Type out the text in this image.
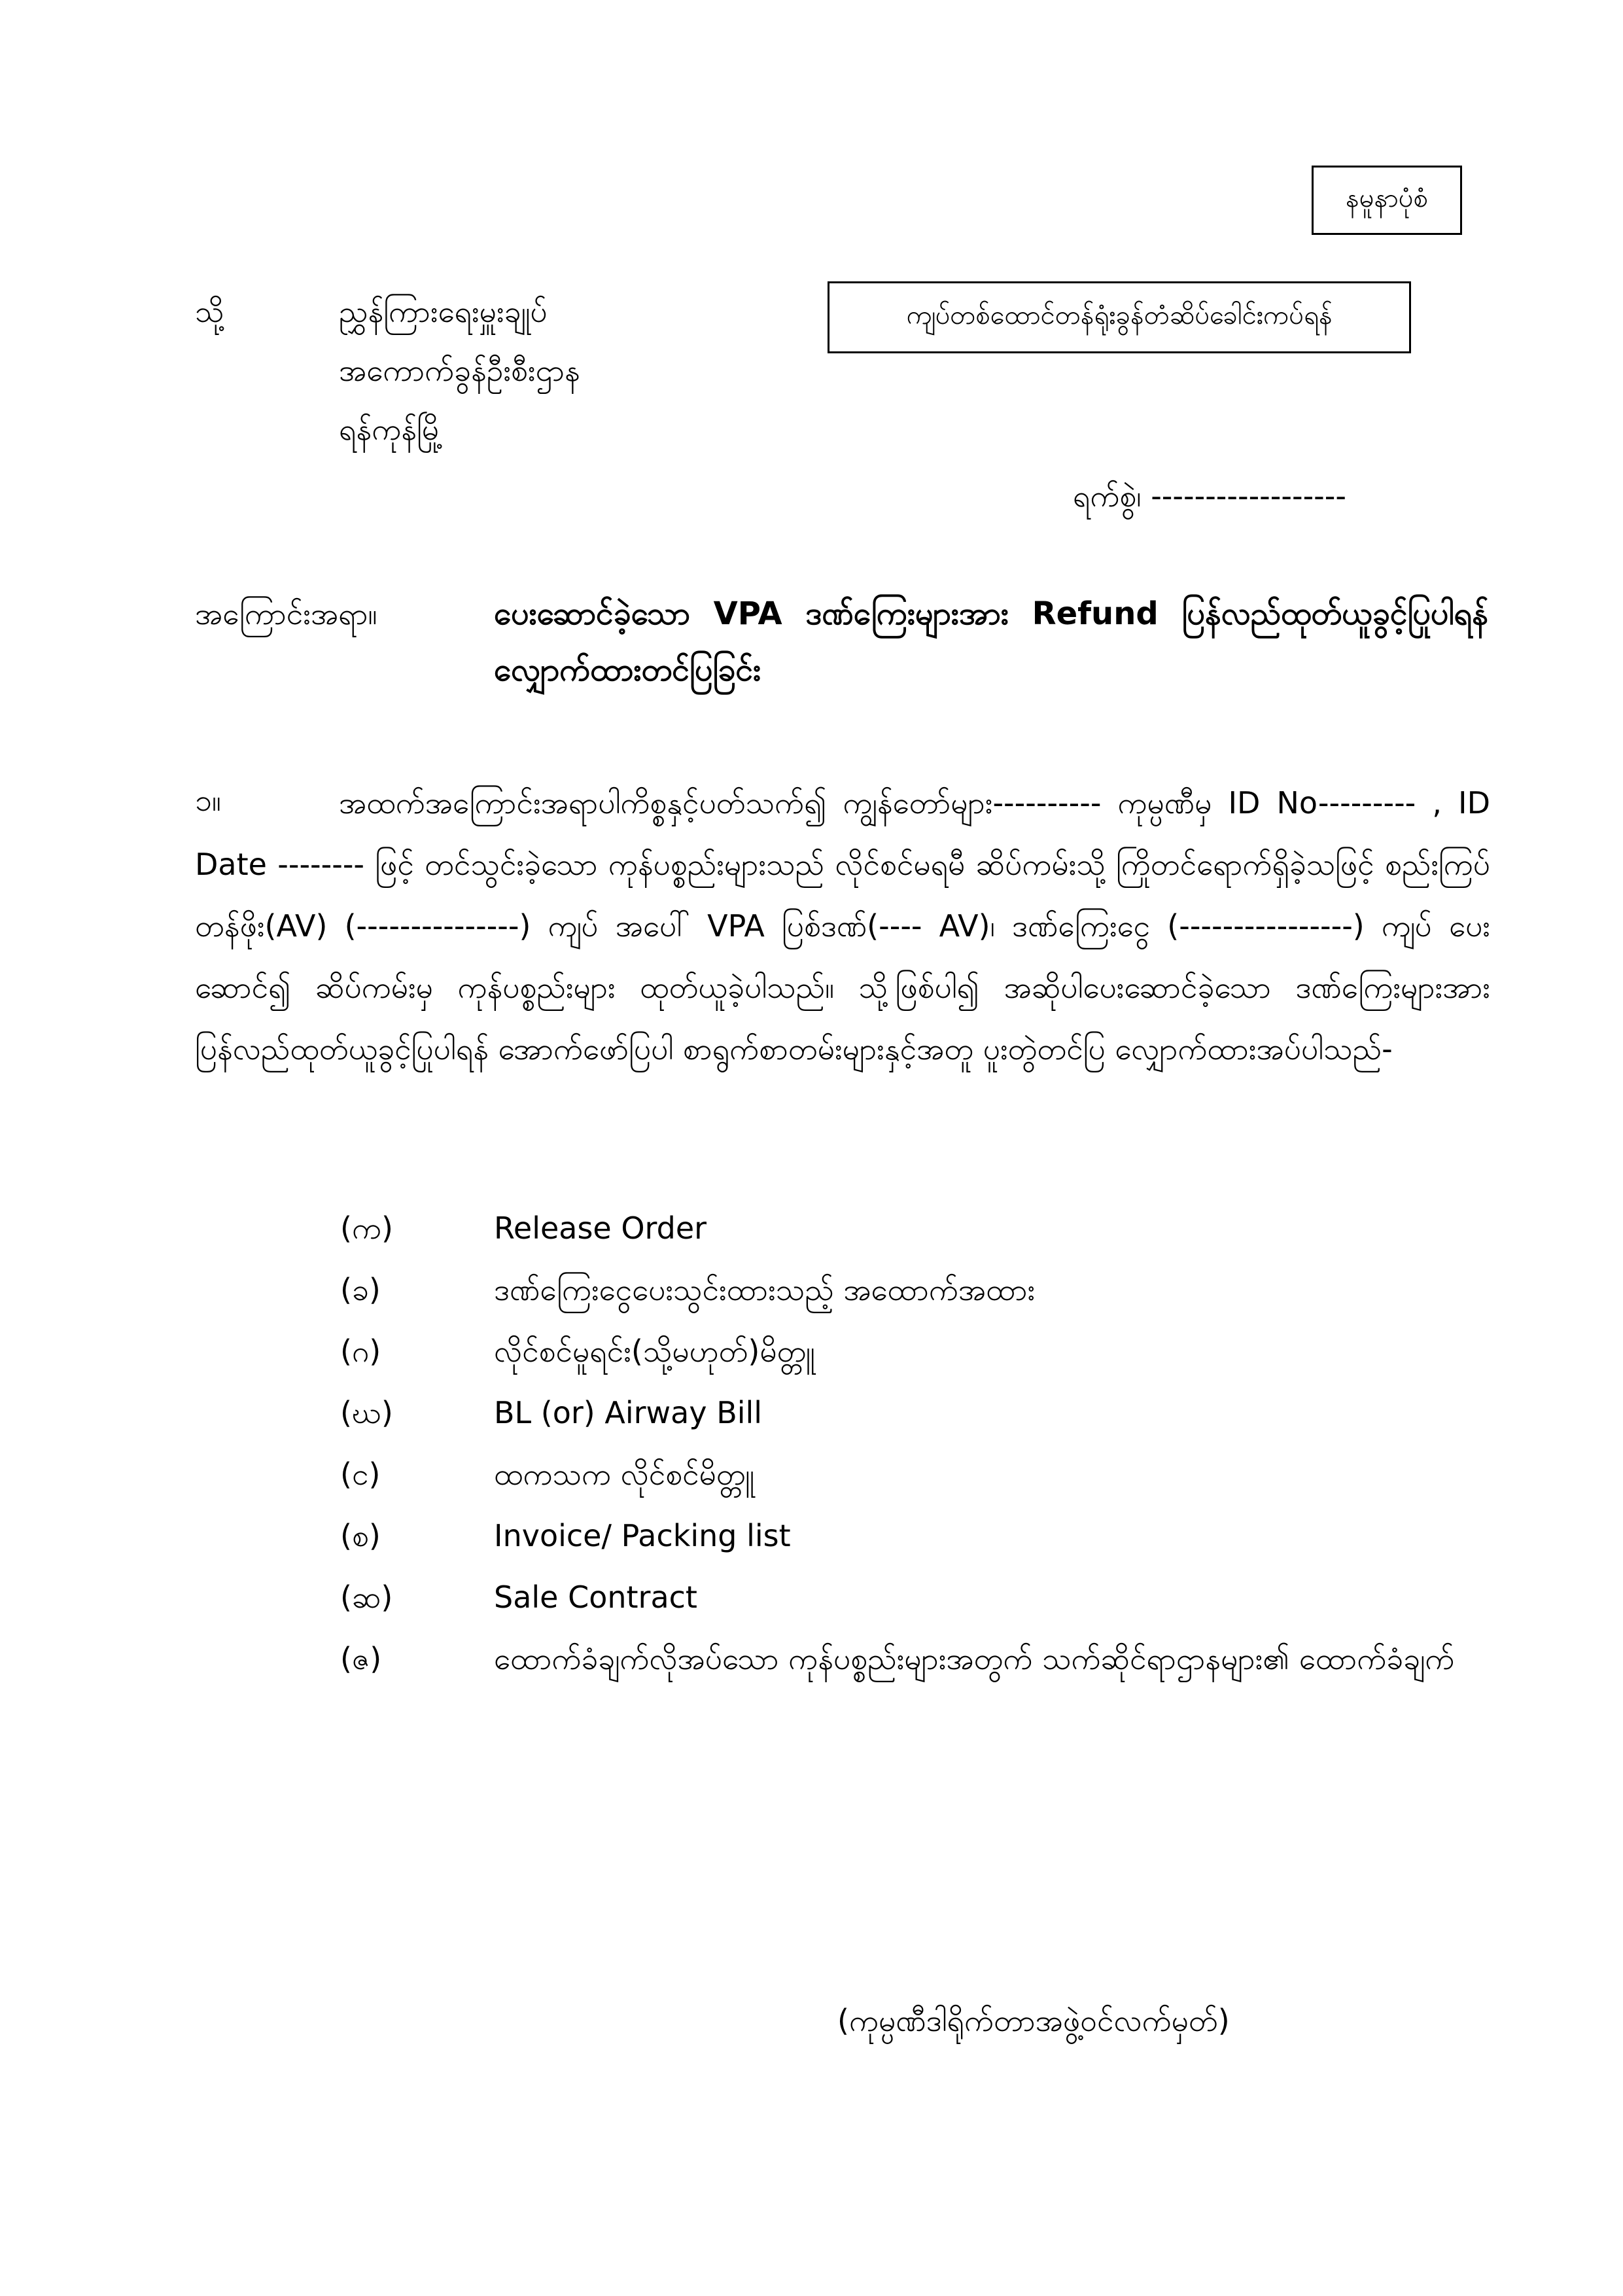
နမူနာပုံစံ
ကျပ်တစ်ထောင်တန်ရုံးခွန်တံဆိပ်ခေါင်းကပ်ရန်
သို့	ညွှန်ကြားရေးမှူးချုပ်
အကောက်ခွန်ဦးစီးဌာန
ရန်ကုန်မြို့
ရက်စွဲ၊ ------------------
အကြောင်းအရာ။	ပေးဆောင်ခဲ့သော VPA ဒဏ်ကြေးများအား Refund ပြန်လည်ထုတ်ယူခွင့်ပြုပါရန် လျှောက်ထားတင်ပြခြင်း
၁။	အထက်အကြောင်းအရာပါကိစ္စနှင့်ပတ်သက်၍ ကျွန်တော်များ---------- ကုမ္ပဏီမှ ID No--------- , ID Date -------- ဖြင့် တင်သွင်းခဲ့သော ကုန်ပစ္စည်းများသည် လိုင်စင်မရမီ ဆိပ်ကမ်းသို့ ကြိုတင်ရောက်ရှိခဲ့သဖြင့် စည်းကြပ်တန်ဖိုး(AV) (---------------) ကျပ် အပေါ် VPA ပြစ်ဒဏ်(---- AV)၊ ဒဏ်ကြေးငွေ (----------------) ကျပ် ပေးဆောင်၍ ဆိပ်ကမ်းမှ ကုန်ပစ္စည်းများ ထုတ်ယူခဲ့ပါသည်။ သို့ဖြစ်ပါ၍ အဆိုပါပေးဆောင်ခဲ့သော ဒဏ်ကြေးများအား ပြန်လည်ထုတ်ယူခွင့်ပြုပါရန် အောက်ဖော်ပြပါ စာရွက်စာတမ်းများနှင့်အတူ ပူးတွဲတင်ပြ လျှောက်ထားအပ်ပါသည်-
(က)	Release Order
(ခ)	ဒဏ်ကြေးငွေပေးသွင်းထားသည့် အထောက်အထား
(ဂ)	လိုင်စင်မူရင်း(သို့မဟုတ်)မိတ္တူ
(ဃ)	BL (or) Airway Bill
(င)	ထကသက လိုင်စင်မိတ္တူ
(စ)	Invoice/ Packing list
(ဆ)	Sale Contract
(ဇ)	ထောက်ခံချက်လိုအပ်သော ကုန်ပစ္စည်းများအတွက် သက်ဆိုင်ရာဌာနများ၏ ထောက်ခံချက်
(ကုမ္ပဏီဒါရိုက်တာအဖွဲ့ဝင်လက်မှတ်)
